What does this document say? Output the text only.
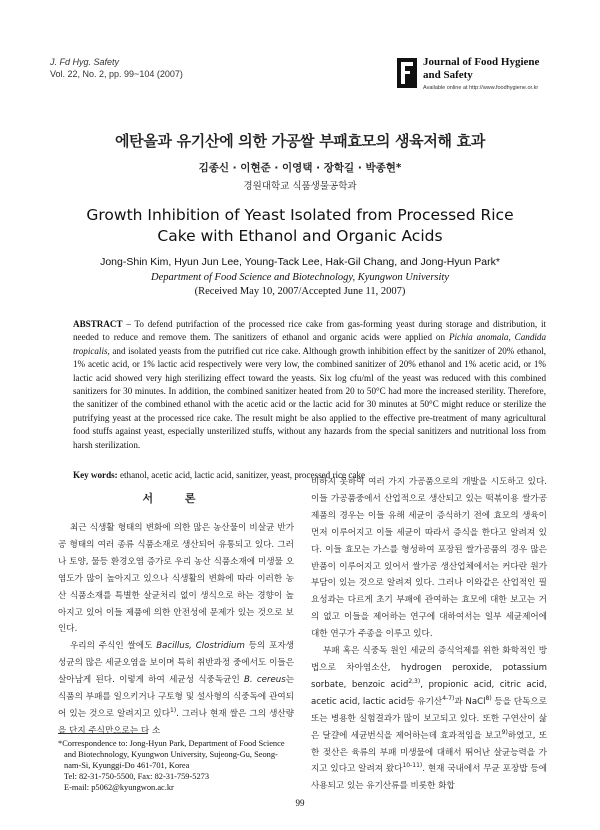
J. Fd Hyg. Safety
Vol. 22, No. 2, pp. 99~104 (2007)
Journal of Food Hygiene
and Safety
Available online at http://www.foodhygiene.or.kr
에탄올과 유기산에 의한 가공쌀 부패효모의 생육저해 효과
김종신 · 이현준 · 이영택 · 장학길 · 박종현*
경원대학교 식품생물공학과
Growth Inhibition of Yeast Isolated from Processed Rice
Cake with Ethanol and Organic Acids
Jong-Shin Kim, Hyun Jun Lee, Young-Tack Lee, Hak-Gil Chang, and Jong-Hyun Park*
Department of Food Science and Biotechnology, Kyungwon University
(Received May 10, 2007/Accepted June 11, 2007)
ABSTRACT – To defend putrifaction of the processed rice cake from gas-forming yeast during storage and distribution, it needed to reduce and remove them. The sanitizers of ethanol and organic acids were applied on Pichia anomala, Candida tropicalis, and isolated yeasts from the putrified cut rice cake. Although growth inhibition effect by the sanitizer of 20% ethanol, 1% acetic acid, or 1% lactic acid respectively were very low, the combined sanitizer of 20% ethanol and 1% acetic acid, or 1% lactic acid showed very high sterilizing effect toward the yeasts. Six log cfu/ml of the yeast was reduced with this combined sanitizers for 30 minutes. In addition, the combined sanitizer heated from 20 to 50°C had more the increased sterility. Therefore, the sanitizer of the combined ethanol with the acetic acid or the lactic acid for 30 minutes at 50°C might reduce or sterilize the putrifying yeast at the processed rice cake. The result might be also applied to the effective pre-treatment of many agricultural food stuffs against yeast, especially unsterilized stuffs, without any hazards from the special sanitizers and nutritional loss from harsh sterilization.
Key words: ethanol, acetic acid, lactic acid, sanitizer, yeast, processed rice cake
서 론

최근 식생활 형태의 변화에 의한 많은 농산물이 비살균 반가공 형태의 여러 종류 식품소재로 생산되어 유통되고 있다. 그러나 토양, 물등 환경오염 증가로 우리 농산 식품소재에 미생물 오염도가 많이 높아지고 있으나 식생활의 변화에 따라 이러한 농산 식품소재를 특별한 살균처리 없이 생식으로 하는 경향이 높아지고 있어 이들 제품에 의한 안전성에 문제가 있는 것으로 보인다.

우리의 주식인 쌀에도 Bacillus, Clostridium 등의 포자생성균의 많은 세균오염을 보이며 특히 취반과정 중에서도 이들은 살아남게 된다. 이렇게 하여 세균성 식중독균인 B. cereus는 식품의 부패를 일으키거나 구토형 및 설사형의 식중독에 관여되어 있는 것으로 알려지고 있다$^{1)}$. 그러나 현재 쌀은 그의 생산량을 단지 주식만으로는 다 소

비하지 못하여 여러 가지 가공품으로의 개발을 시도하고 있다. 이들 가공품중에서 산업적으로 생산되고 있는 떡볶이용 쌀가공 제품의 경우는 이들 유해 세균이 증식하기 전에 효모의 생육이 먼저 이루어지고 이들 세균이 따라서 증식을 한다고 알려져 있다. 이들 효모는 가스를 형성하여 포장된 쌀가공품의 경우 많은 반품이 이루어지고 있어서 쌀가공 생산업체에서는 커다란 원가 부담이 있는 것으로 알려져 있다. 그러나 이와같은 산업적인 필요성과는 다르게 초기 부패에 관여하는 효모에 대한 보고는 거의 없고 이들을 제어하는 연구에 대하여서는 일부 세균제어에 대한 연구가 주종을 이루고 있다.

부패 혹은 식중독 원인 세균의 증식억제를 위한 화학적인 방법으로 차아염소산, hydrogen peroxide, potassium sorbate, benzoic acid$^{2,3)}$, propionic acid, citric acid, acetic acid, lactic acid등 유기산$^{4-7)}$과 NaCl$^{8)}$ 등을 단독으로 또는 병용한 실험결과가 많이 보고되고 있다. 또한 구연산이 삶은 달걀에 세균번식을 제어하는데 효과적임을 보고$^{9)}$하였고, 또한 젖산은 육류의 부패 미생물에 대해서 뛰어난 살균능력을 가지고 있다고 알려져 왔다$^{10-11)}$. 현재 국내에서 무균 포장밥 등에 사용되고 있는 유기산류를 비롯한 화합

*Correspondence to: Jong-Hyun Park, Department of Food Science
and Biotechnology, Kyungwon University, Sujeong-Gu, Seong-
nam-Si, Kyunggi-Do 461-701, Korea
Tel: 82-31-750-5500, Fax: 82-31-759-5273
E-mail: p5062@kyungwon.ac.kr
99
